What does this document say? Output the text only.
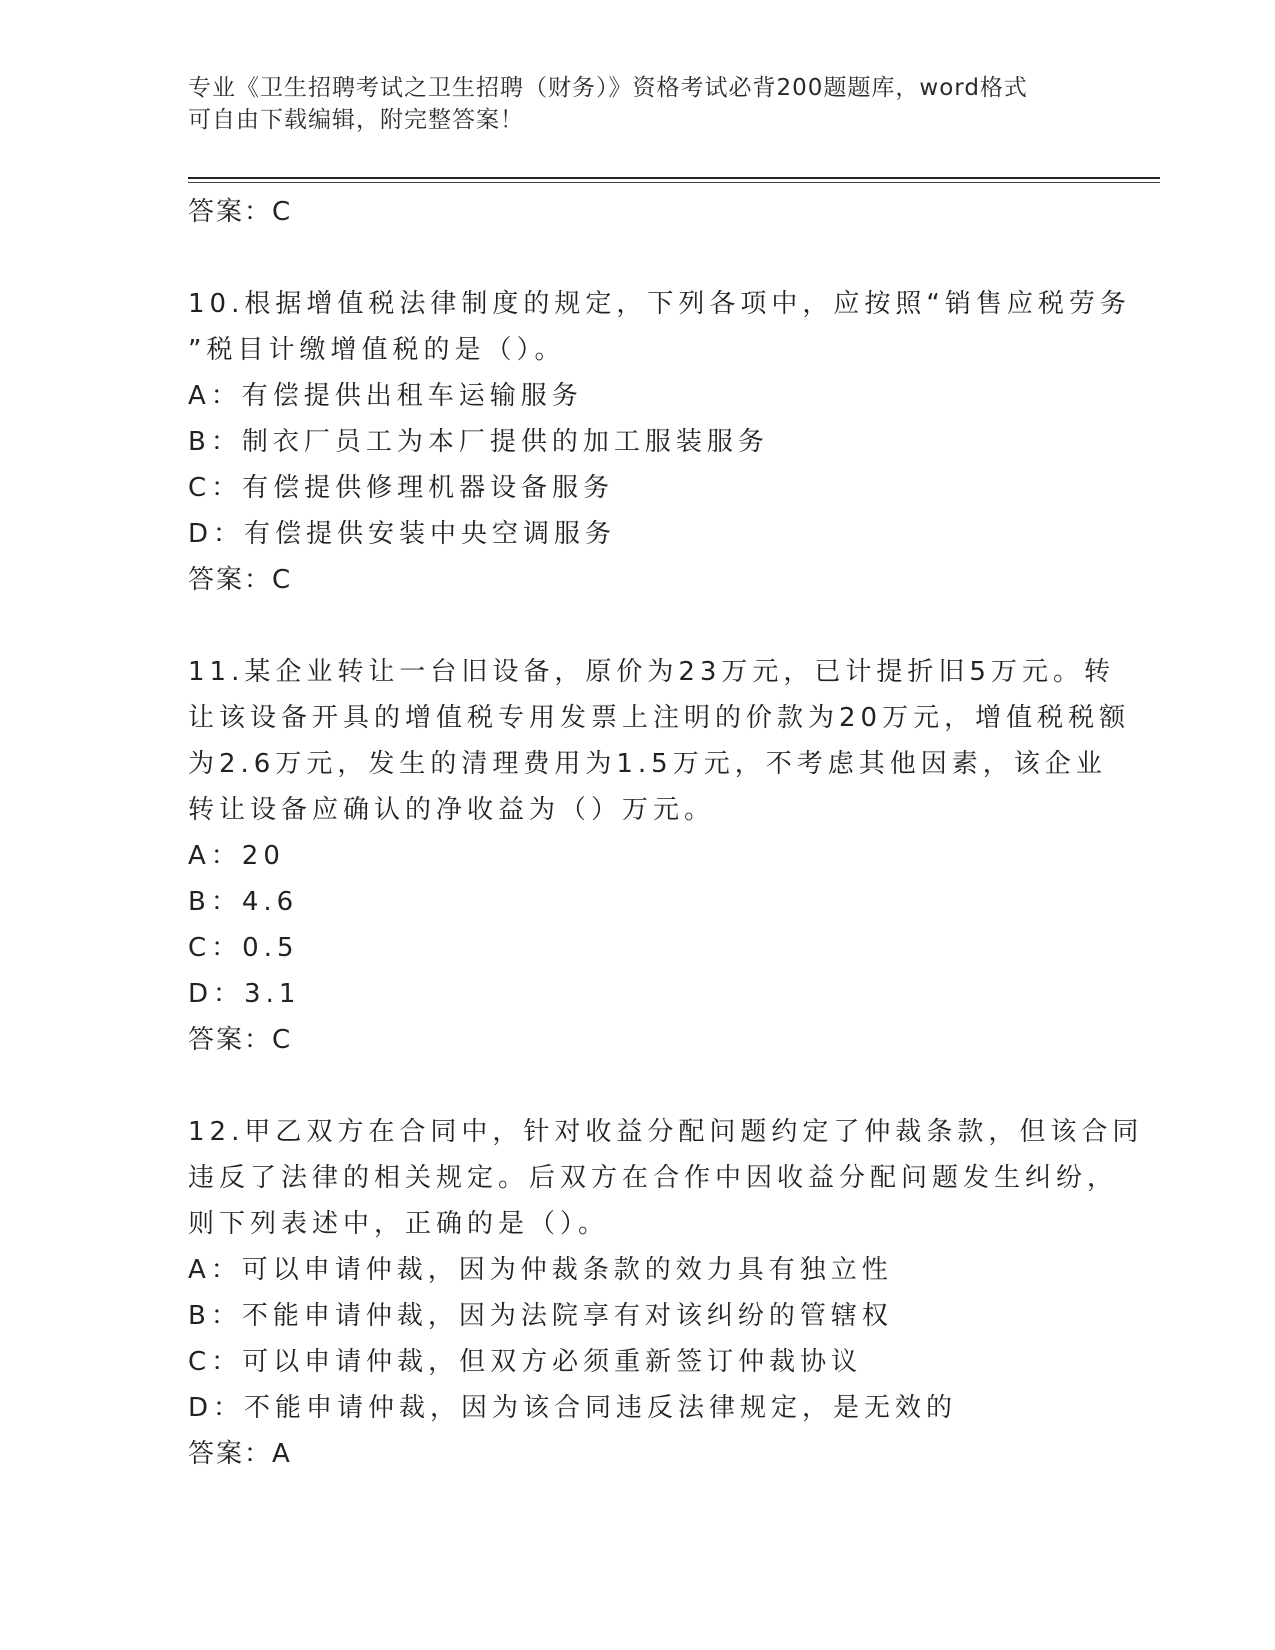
专业《卫生招聘考试之卫生招聘（财务）》资格考试必背200题题库，word格式
可自由下载编辑，附完整答案！
答案：C
10.根据增值税法律制度的规定，下列各项中，应按照“销售应税劳务
”税目计缴增值税的是（）。
A：有偿提供出租车运输服务
B：制衣厂员工为本厂提供的加工服装服务
C：有偿提供修理机器设备服务
D：有偿提供安装中央空调服务
答案：C
11.某企业转让一台旧设备，原价为23万元，已计提折旧5万元。转
让该设备开具的增值税专用发票上注明的价款为20万元，增值税税额
为2.6万元，发生的清理费用为1.5万元，不考虑其他因素，该企业
转让设备应确认的净收益为（）万元。
A：20
B：4.6
C：0.5
D：3.1
答案：C
12.甲乙双方在合同中，针对收益分配问题约定了仲裁条款，但该合同
违反了法律的相关规定。后双方在合作中因收益分配问题发生纠纷，
则下列表述中，正确的是（）。
A：可以申请仲裁，因为仲裁条款的效力具有独立性
B：不能申请仲裁，因为法院享有对该纠纷的管辖权
C：可以申请仲裁，但双方必须重新签订仲裁协议
D：不能申请仲裁，因为该合同违反法律规定，是无效的
答案：A
